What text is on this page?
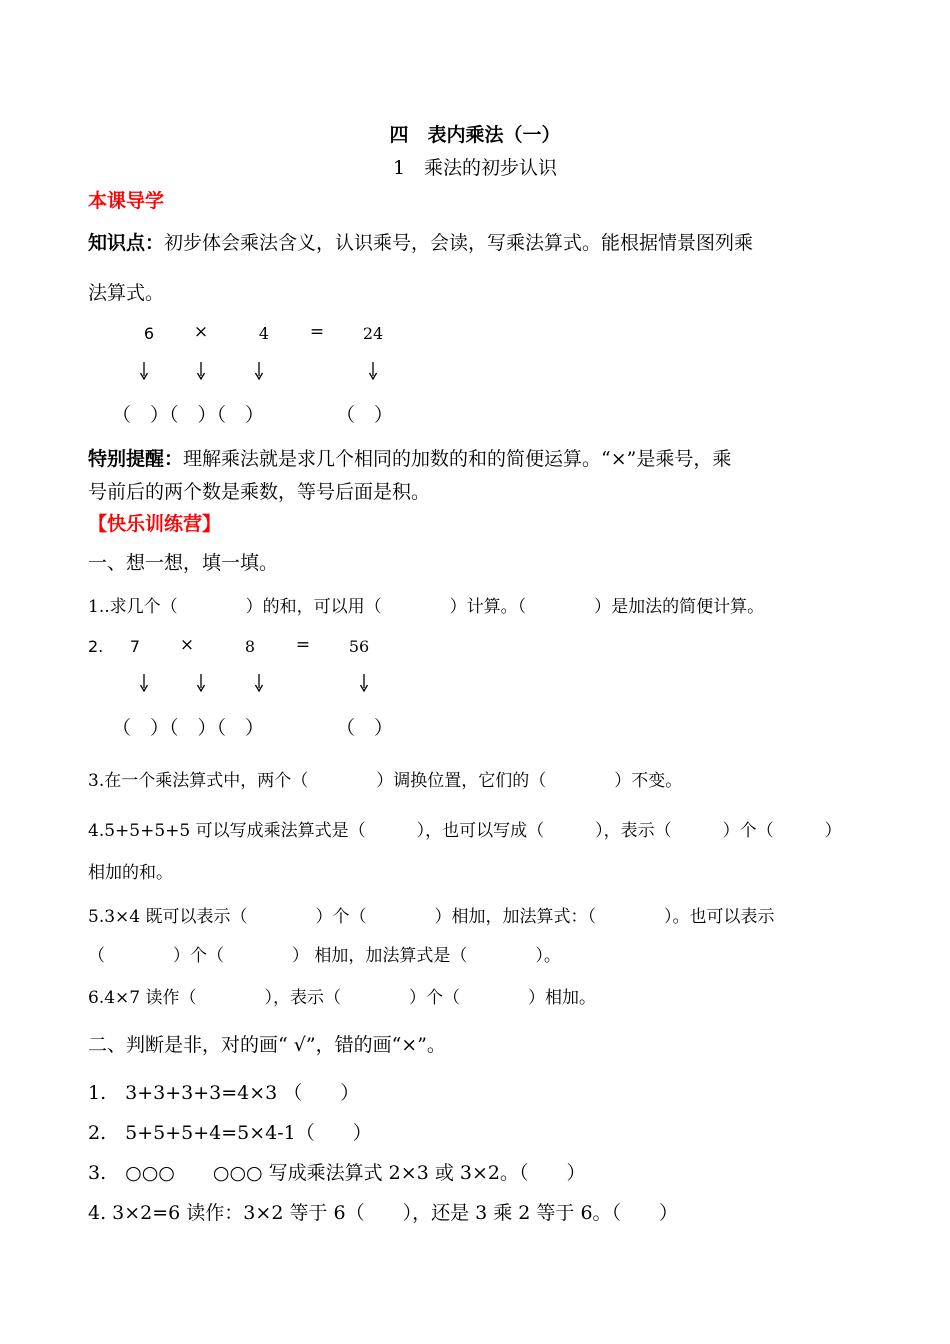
四　表内乘法（一）
1　乘法的初步认识
本课导学
知识点：初步体会乘法含义，认识乘号，会读，写乘法算式。能根据情景图列乘
法算式。
6 ×	4 = 24
（　）（　）（　）	（　）
特别提醒：理解乘法就是求几个相同的加数的和的简便运算。“×”是乘号，乘
号前后的两个数是乘数，等号后面是积。
【快乐训练营】
一、想一想，填一填。
1..求几个（　　　　）的和，可以用（　　　　）计算。（　　　　）是加法的简便计算。
2. 7 ×	8 = 56
（　）（　）（　）	（　）
3.在一个乘法算式中，两个（　　　　）调换位置，它们的（　　　　）不变。
4.5+5+5+5 可以写成乘法算式是（　　　），也可以写成（　　　），表示（　　　）个（　　　）
相加的和。
5.3×4 既可以表示（　　　　）个（　　　　）相加，加法算式：（　　　　）。也可以表示
（　　　　）个（　　　　） 相加，加法算式是（　　　　）。
6.4×7 读作（　　　　），表示（　　　　）个（　　　　）相加。
二、判断是非，对的画“ √”，错的画“×”。
1.　3+3+3+3=4×3 （　　）
2.　5+5+5+4=5×4-1（　　）
3.　○○○　　○○○ 写成乘法算式 2×3 或 3×2。（　　）
4. 3×2=6 读作：3×2 等于 6（　　），还是 3 乘 2 等于 6。（　　）
